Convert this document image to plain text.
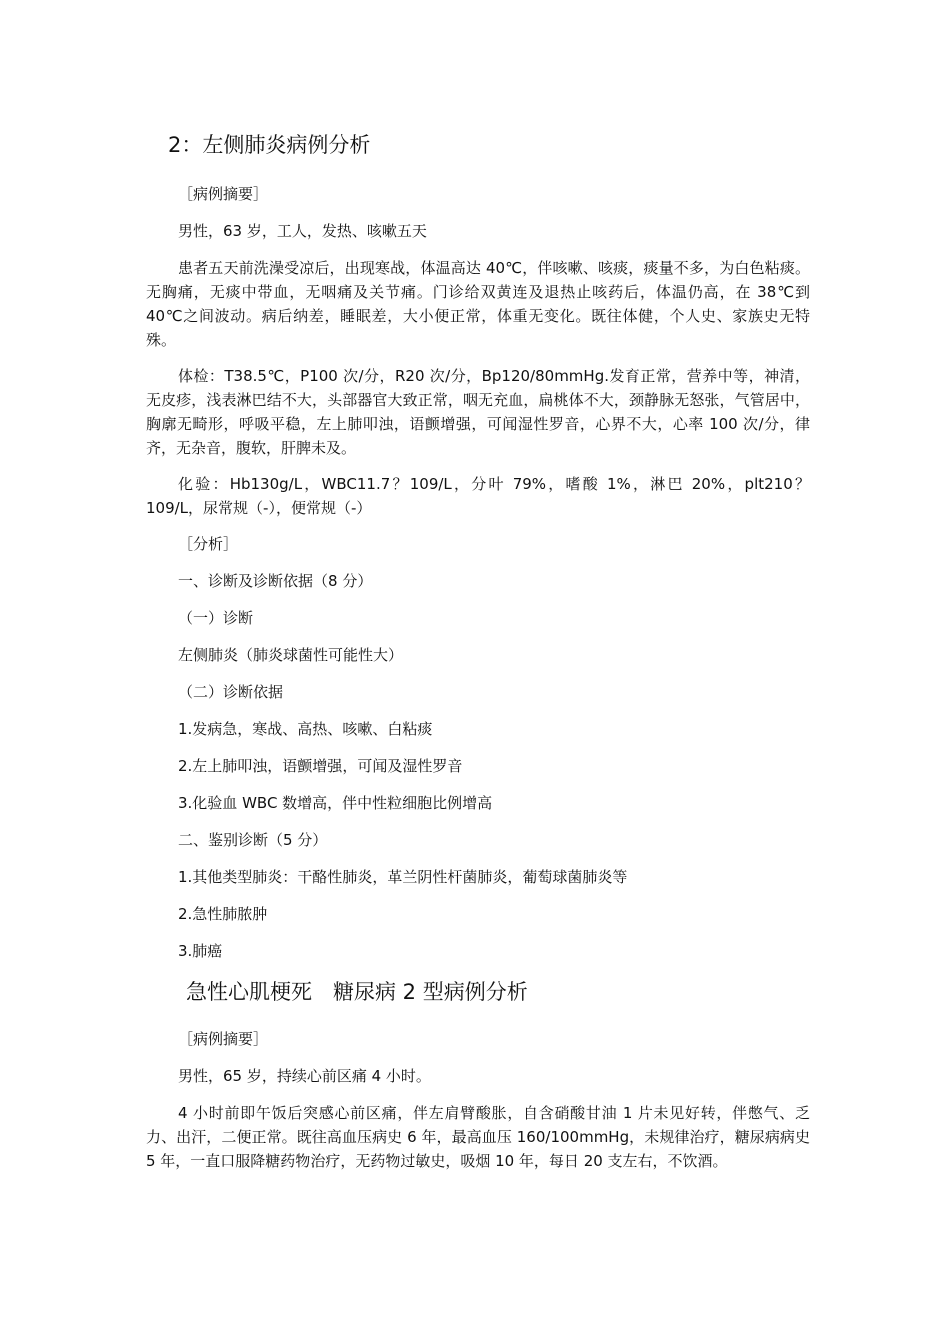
2：左侧肺炎病例分析
［病例摘要］
男性，63 岁，工人，发热、咳嗽五天

患者五天前洗澡受凉后，出现寒战，体温高达 40℃，伴咳嗽、咳痰，痰量不多，为白色粘痰。无胸痛，无痰中带血，无咽痛及关节痛。门诊给双黄连及退热止咳药后，体温仍高，在 38℃到 40℃之间波动。病后纳差，睡眠差，大小便正常，体重无变化。既往体健，个人史、家族史无特殊。

体检：T38.5℃，P100 次/分，R20 次/分，Bp120/80mmHg.发育正常，营养中等，神清，无皮疹，浅表淋巴结不大，头部器官大致正常，咽无充血，扁桃体不大，颈静脉无怒张，气管居中，胸廓无畸形，呼吸平稳，左上肺叩浊，语颤增强，可闻湿性罗音，心界不大，心率 100 次/分，律齐，无杂音，腹软，肝脾未及。

化验：Hb130g/L，WBC11.7？109/L，分叶 79%，嗜酸 1%，淋巴 20%，plt210？109/L，尿常规（-），便常规（-）

［分析］
一、诊断及诊断依据（8 分）
（一）诊断
左侧肺炎（肺炎球菌性可能性大）
（二）诊断依据
1.发病急，寒战、高热、咳嗽、白粘痰
2.左上肺叩浊，语颤增强，可闻及湿性罗音
3.化验血 WBC 数增高，伴中性粒细胞比例增高
二、鉴别诊断（5 分）
1.其他类型肺炎：干酪性肺炎，革兰阴性杆菌肺炎，葡萄球菌肺炎等
2.急性肺脓肿
3.肺癌
急性心肌梗死　糖尿病 2 型病例分析
［病例摘要］
男性，65 岁，持续心前区痛 4 小时。

4 小时前即午饭后突感心前区痛，伴左肩臂酸胀，自含硝酸甘油 1 片未见好转，伴憋气、乏力、出汗，二便正常。既往高血压病史 6 年，最高血压 160/100mmHg，未规律治疗，糖尿病病史 5 年，一直口服降糖药物治疗，无药物过敏史，吸烟 10 年，每日 20 支左右，不饮酒。
